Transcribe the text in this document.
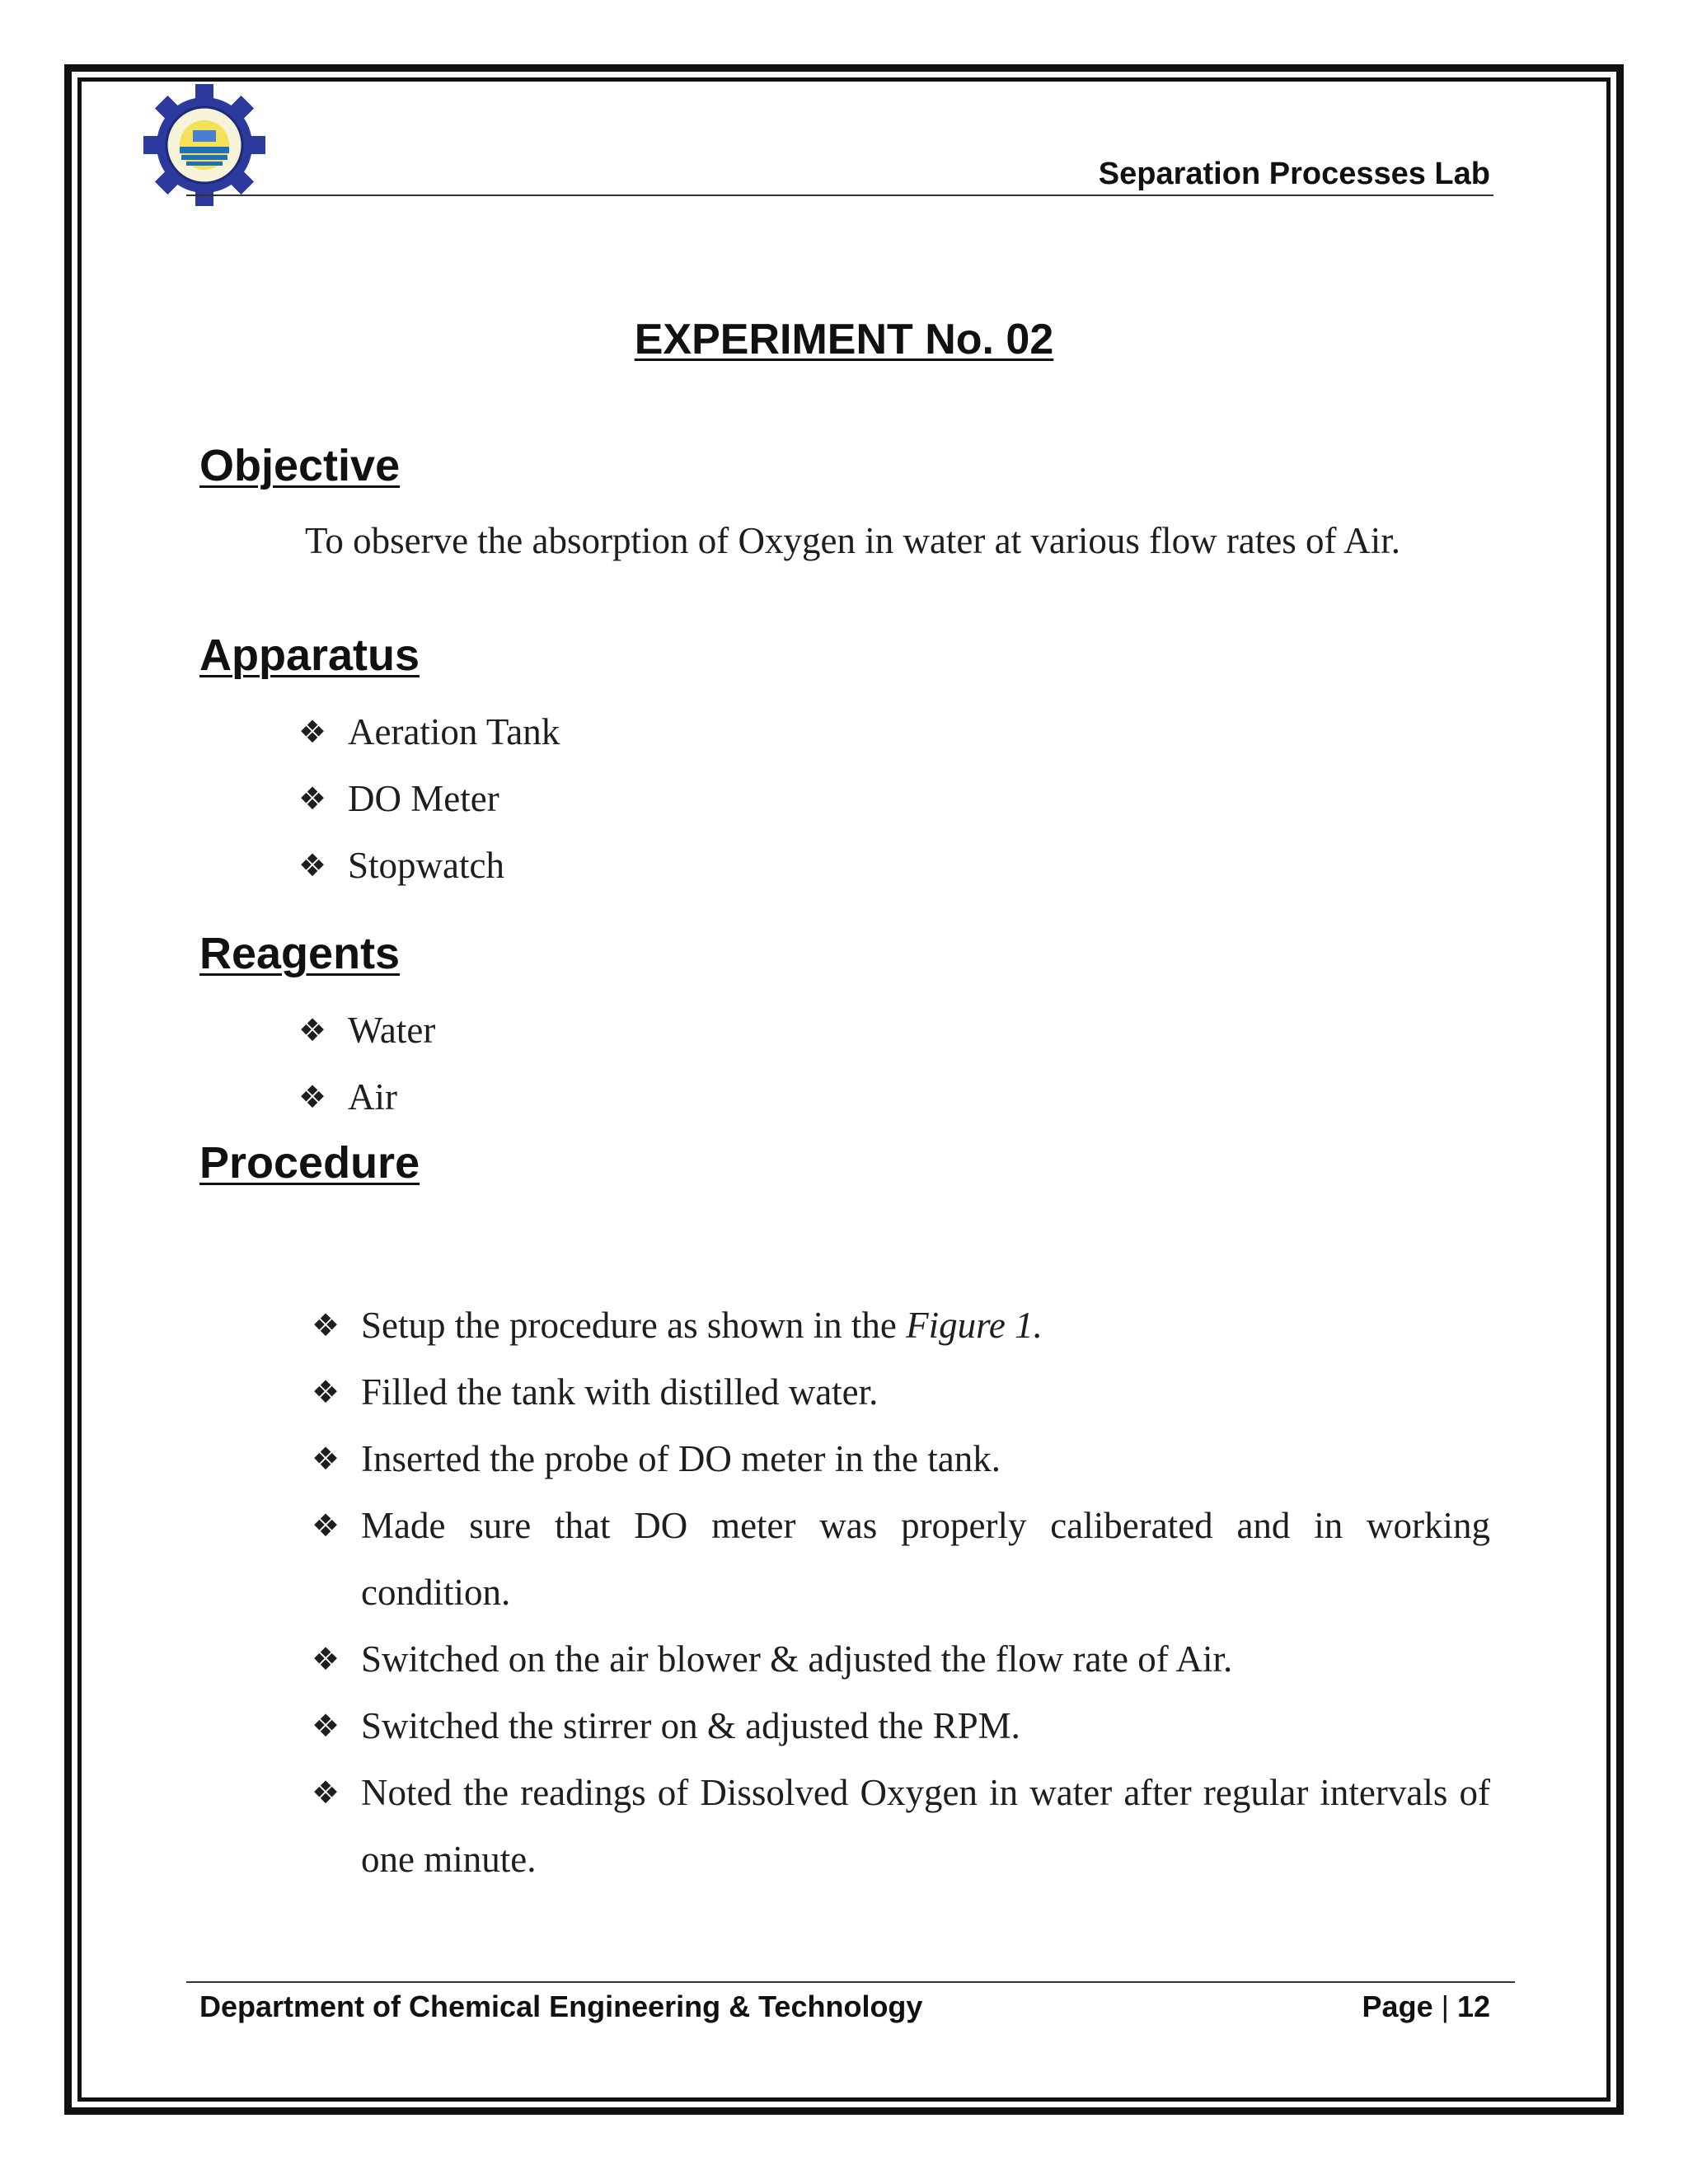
Separation Processes Lab
EXPERIMENT No. 02
Objective
To observe the absorption of Oxygen in water at various flow rates of Air.
Apparatus
❖ Aeration Tank
❖ DO Meter
❖ Stopwatch
Reagents
❖ Water
❖ Air
Procedure
❖ Setup the procedure as shown in the Figure 1.
❖ Filled the tank with distilled water.
❖ Inserted the probe of DO meter in the tank.
❖ Made sure that DO meter was properly caliberated and in working condition.
❖ Switched on the air blower & adjusted the flow rate of Air.
❖ Switched the stirrer on & adjusted the RPM.
❖ Noted the readings of Dissolved Oxygen in water after regular intervals of one minute.
Department of Chemical Engineering & Technology	Page | 12
